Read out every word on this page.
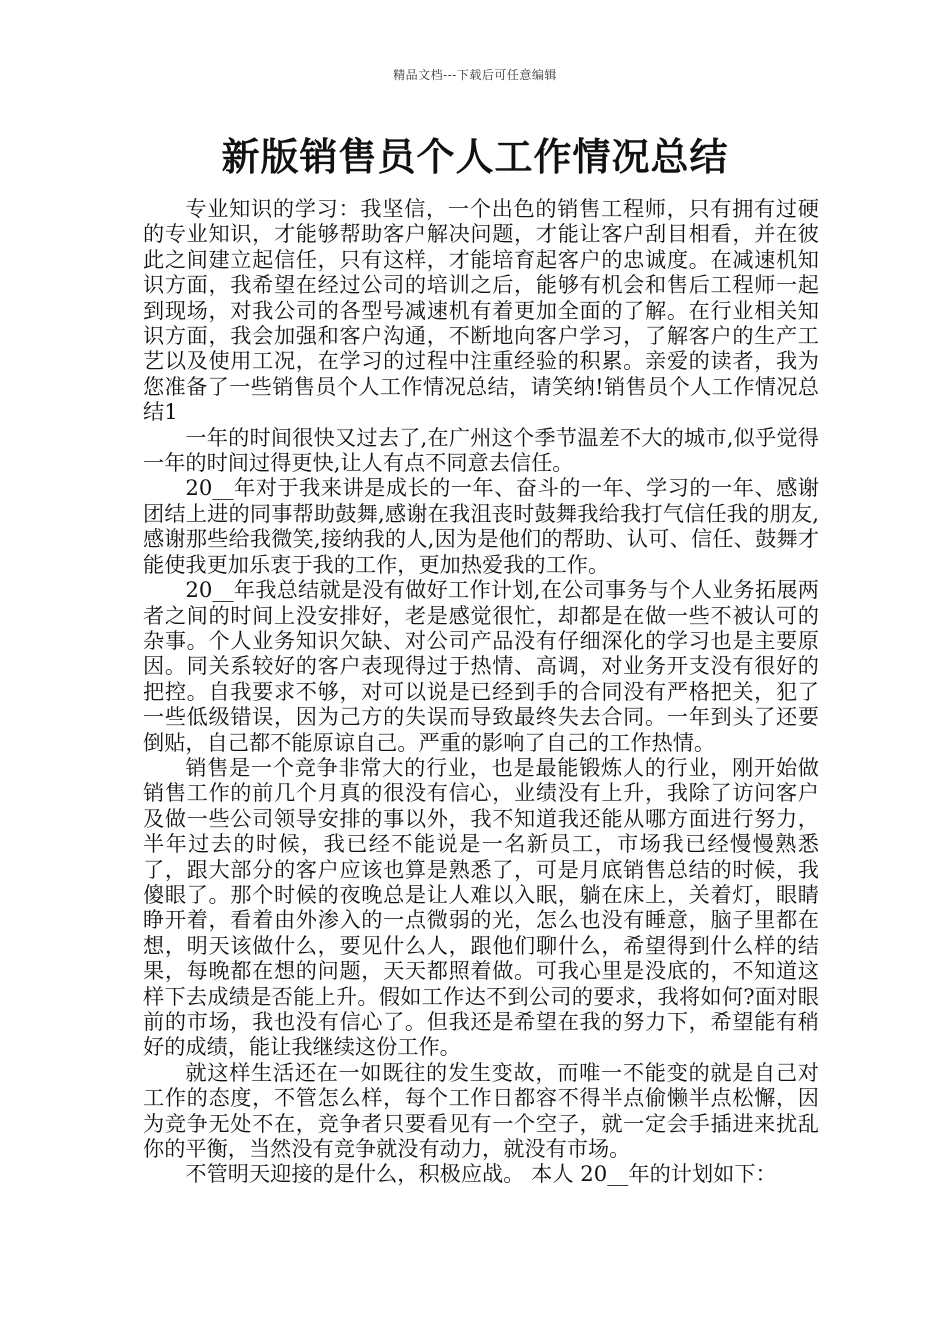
精品文档---下载后可任意编辑
新版销售员个人工作情况总结

专业知识的学习：我坚信，一个出色的销售工程师，只有拥有过硬的专业知识，才能够帮助客户解决问题，才能让客户刮目相看，并在彼此之间建立起信任，只有这样，才能培育起客户的忠诚度。在减速机知识方面，我希望在经过公司的培训之后，能够有机会和售后工程师一起到现场，对我公司的各型号减速机有着更加全面的了解。在行业相关知识方面，我会加强和客户沟通，不断地向客户学习，了解客户的生产工艺以及使用工况，在学习的过程中注重经验的积累。亲爱的读者，我为您准备了一些销售员个人工作情况总结，请笑纳!销售员个人工作情况总结1

一年的时间很快又过去了,在广州这个季节温差不大的城市,似乎觉得一年的时间过得更快,让人有点不同意去信任。

20__年对于我来讲是成长的一年、奋斗的一年、学习的一年、感谢团结上进的同事帮助鼓舞,感谢在我沮丧时鼓舞我给我打气信任我的朋友,感谢那些给我微笑,接纳我的人,因为是他们的帮助、认可、信任、鼓舞才能使我更加乐衷于我的工作，更加热爱我的工作。

20__年我总结就是没有做好工作计划,在公司事务与个人业务拓展两者之间的时间上没安排好，老是感觉很忙，却都是在做一些不被认可的杂事。个人业务知识欠缺、对公司产品没有仔细深化的学习也是主要原因。同关系较好的客户表现得过于热情、高调，对业务开支没有很好的把控。自我要求不够，对可以说是已经到手的合同没有严格把关，犯了一些低级错误，因为己方的失误而导致最终失去合同。一年到头了还要倒贴，自己都不能原谅自己。严重的影响了自己的工作热情。

销售是一个竞争非常大的行业，也是最能锻炼人的行业，刚开始做销售工作的前几个月真的很没有信心，业绩没有上升，我除了访问客户及做一些公司领导安排的事以外，我不知道我还能从哪方面进行努力，半年过去的时候，我已经不能说是一名新员工，市场我已经慢慢熟悉了，跟大部分的客户应该也算是熟悉了，可是月底销售总结的时候，我傻眼了。那个时候的夜晚总是让人难以入眠，躺在床上，关着灯，眼睛睁开着，看着由外渗入的一点微弱的光，怎么也没有睡意，脑子里都在想，明天该做什么，要见什么人，跟他们聊什么，希望得到什么样的结果，每晚都在想的问题，天天都照着做。可我心里是没底的，不知道这样下去成绩是否能上升。假如工作达不到公司的要求，我将如何?面对眼前的市场，我也没有信心了。但我还是希望在我的努力下，希望能有稍好的成绩，能让我继续这份工作。

就这样生活还在一如既往的发生变故，而唯一不能变的就是自己对工作的态度，不管怎么样，每个工作日都容不得半点偷懒半点松懈，因为竞争无处不在，竞争者只要看见有一个空子，就一定会手插进来扰乱你的平衡，当然没有竞争就没有动力，就没有市场。

不管明天迎接的是什么，积极应战。 本人 20__年的计划如下：
